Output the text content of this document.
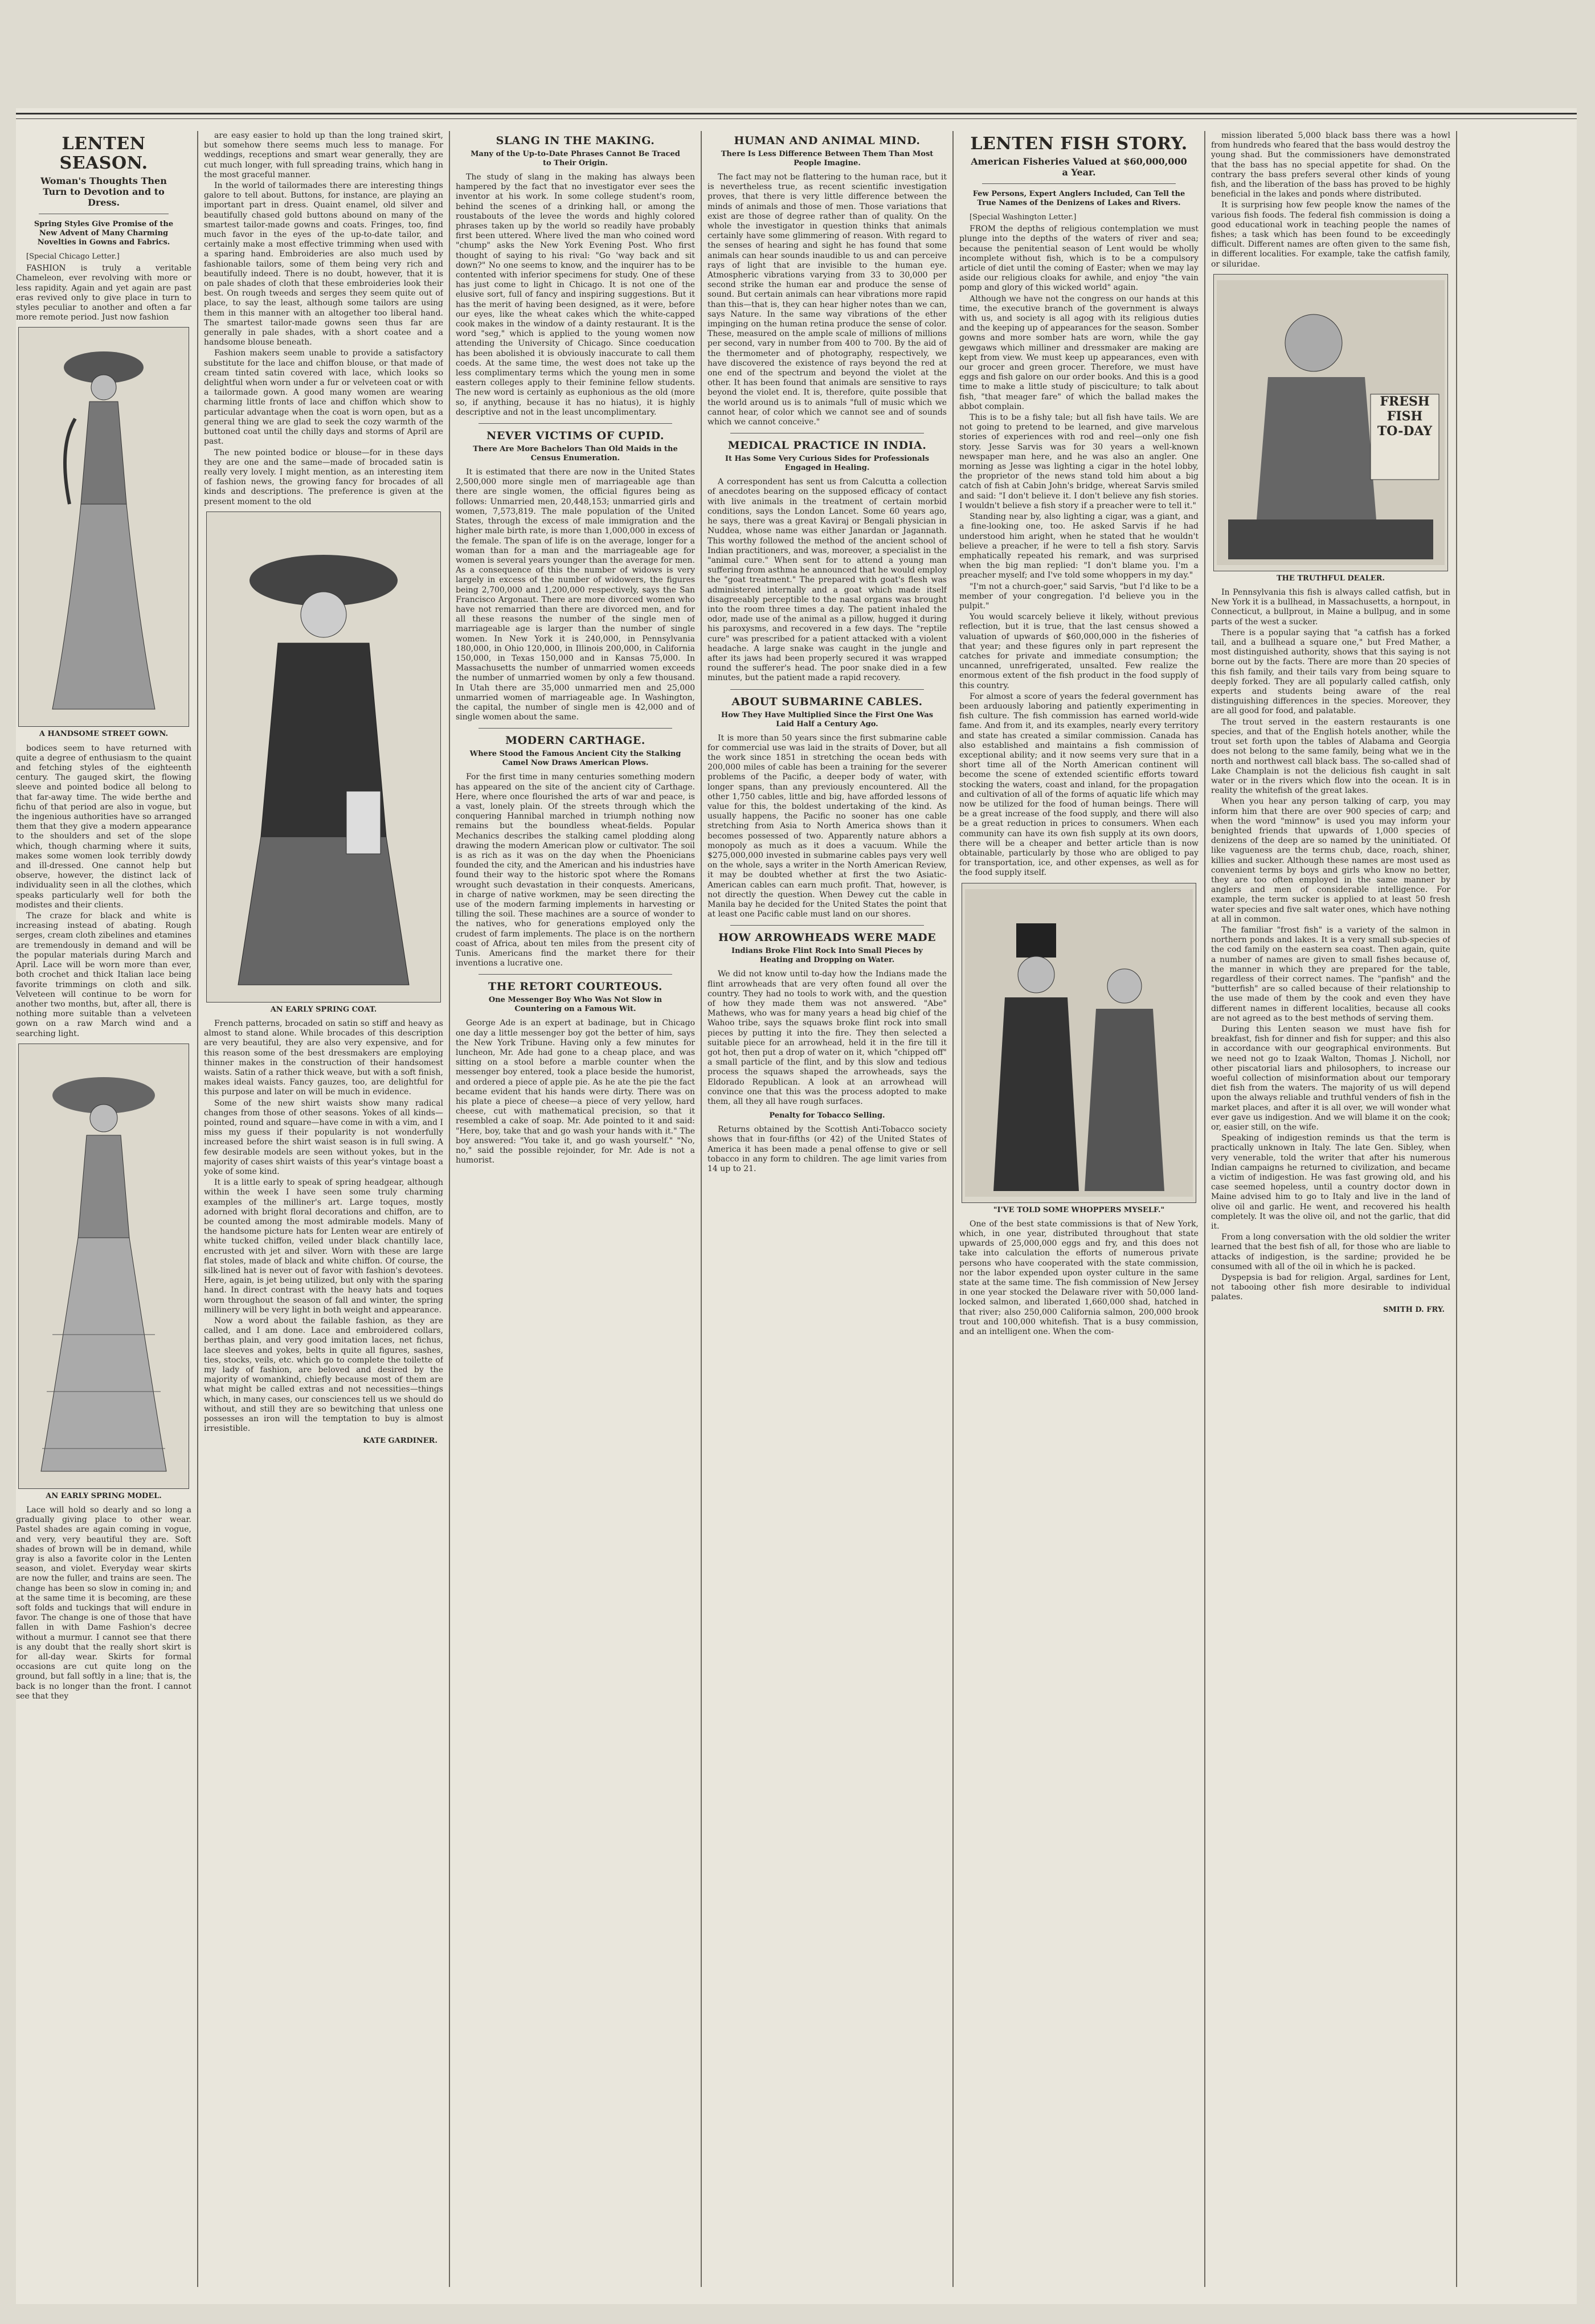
LENTEN SEASON.
Woman's Thoughts Then Turn to Devotion and to Dress.
Spring Styles Give Promise of the New Advent of Many Charming Novelties in Gowns and Fabrics.
[Special Chicago Letter.]

FASHION is truly a veritable Chameleon, ever revolving with more or less rapidity. Again and yet again are past eras revived only to give place in turn to styles peculiar to another and often a far more remote period. Just now fashion

A HANDSOME STREET GOWN.

bodices seem to have returned with quite a degree of enthusiasm to the quaint and fetching styles of the eighteenth century. The gauged skirt, the flowing sleeve and pointed bodice all belong to that far-away time. The wide berthe and fichu of that period are also in vogue, but the ingenious authorities have so arranged them that they give a modern appearance to the shoulders and set of the slope which, though charming where it suits, makes some women look terribly dowdy and ill-dressed. One cannot help but observe, however, the distinct lack of individuality seen in all the clothes, which speaks particularly well for both the modistes and their clients.

The craze for black and white is increasing instead of abating. Rough serges, cream cloth zibelines and etamines are tremendously in demand and will be the popular materials during March and April. Lace will be worn more than ever, both crochet and thick Italian lace being favorite trimmings on cloth and silk. Velveteen will continue to be worn for another two months, but, after all, there is nothing more suitable than a velveteen gown on a raw March wind and a searching light.

AN EARLY SPRING MODEL.

Lace will hold so dearly and so long a gradually giving place to other wear. Pastel shades are again coming in vogue, and very, very beautiful they are. Soft shades of brown will be in demand, while gray is also a favorite color in the Lenten season, and violet. Everyday wear skirts are now the fuller, and trains are seen. The change has been so slow in coming in; and at the same time it is becoming, are these soft folds and tuckings that will endure in favor. The change is one of those that have fallen in with Dame Fashion's decree without a murmur. I cannot see that there is any doubt that the really short skirt is for all-day wear. Skirts for formal occasions are cut quite long on the ground, but fall softly in a line; that is, the back is no longer than the front. I cannot see that they

are easy easier to hold up than the long trained skirt, but somehow there seems much less to manage. For weddings, receptions and smart wear generally, they are cut much longer, with full spreading trains, which hang in the most graceful manner.

In the world of tailormades there are interesting things galore to tell about. Buttons, for instance, are playing an important part in dress. Quaint enamel, old silver and beautifully chased gold buttons abound on many of the smartest tailor-made gowns and coats. Fringes, too, find much favor in the eyes of the up-to-date tailor, and certainly make a most effective trimming when used with a sparing hand. Embroideries are also much used by fashionable tailors, some of them being very rich and beautifully indeed. There is no doubt, however, that it is on pale shades of cloth that these embroideries look their best. On rough tweeds and serges they seem quite out of place, to say the least, although some tailors are using them in this manner with an altogether too liberal hand. The smartest tailor-made gowns seen thus far are generally in pale shades, with a short coatee and a handsome blouse beneath.

Fashion makers seem unable to provide a satisfactory substitute for the lace and chiffon blouse, or that made of cream tinted satin covered with lace, which looks so delightful when worn under a fur or velveteen coat or with a tailormade gown. A good many women are wearing charming little fronts of lace and chiffon which show to particular advantage when the coat is worn open, but as a general thing we are glad to seek the cozy warmth of the buttoned coat until the chilly days and storms of April are past.

The new pointed bodice or blouse—for in these days they are one and the same—made of brocaded satin is really very lovely. I might mention, as an interesting item of fashion news, the growing fancy for brocades of all kinds and descriptions. The preference is given at the present moment to the old

AN EARLY SPRING COAT.

French patterns, brocaded on satin so stiff and heavy as almost to stand alone. While brocades of this description are very beautiful, they are also very expensive, and for this reason some of the best dressmakers are employing thinner makes in the construction of their handsomest waists. Satin of a rather thick weave, but with a soft finish, makes ideal waists. Fancy gauzes, too, are delightful for this purpose and later on will be much in evidence.

Some of the new shirt waists show many radical changes from those of other seasons. Yokes of all kinds—pointed, round and square—have come in with a vim, and I miss my guess if their popularity is not wonderfully increased before the shirt waist season is in full swing. A few desirable models are seen without yokes, but in the majority of cases shirt waists of this year's vintage boast a yoke of some kind.

It is a little early to speak of spring headgear, although within the week I have seen some truly charming examples of the milliner's art. Large toques, mostly adorned with bright floral decorations and chiffon, are to be counted among the most admirable models. Many of the handsome picture hats for Lenten wear are entirely of white tucked chiffon, veiled under black chantilly lace, encrusted with jet and silver. Worn with these are large flat stoles, made of black and white chiffon. Of course, the silk-lined hat is never out of favor with fashion's devotees. Here, again, is jet being utilized, but only with the sparing hand. In direct contrast with the heavy hats and toques worn throughout the season of fall and winter, the spring millinery will be very light in both weight and appearance.

Now a word about the failable fashion, as they are called, and I am done. Lace and embroidered collars, berthas plain, and very good imitation laces, net fichus, lace sleeves and yokes, belts in quite all figures, sashes, ties, stocks, veils, etc. which go to complete the toilette of my lady of fashion, are beloved and desired by the majority of womankind, chiefly because most of them are what might be called extras and not necessities—things which, in many cases, our consciences tell us we should do without, and still they are so bewitching that unless one possesses an iron will the temptation to buy is almost irresistible.

KATE GARDINER.
SLANG IN THE MAKING.
Many of the Up-to-Date Phrases Cannot Be Traced to Their Origin.

The study of slang in the making has always been hampered by the fact that no investigator ever sees the inventor at his work. In some college student's room, behind the scenes of a drinking hall, or among the roustabouts of the levee the words and highly colored phrases taken up by the world so readily have probably first been uttered. Where lived the man who coined word "chump" asks the New York Evening Post. Who first thought of saying to his rival: "Go 'way back and sit down?" No one seems to know, and the inquirer has to be contented with inferior specimens for study. One of these has just come to light in Chicago. It is not one of the elusive sort, full of fancy and inspiring suggestions. But it has the merit of having been designed, as it were, before our eyes, like the wheat cakes which the white-capped cook makes in the window of a dainty restaurant. It is the word "seg," which is applied to the young women now attending the University of Chicago. Since coeducation has been abolished it is obviously inaccurate to call them coeds. At the same time, the west does not take up the less complimentary terms which the young men in some eastern colleges apply to their feminine fellow students. The new word is certainly as euphonious as the old (more so, if anything, because it has no hiatus), it is highly descriptive and not in the least uncomplimentary.

NEVER VICTIMS OF CUPID.
There Are More Bachelors Than Old Maids in the Census Enumeration.

It is estimated that there are now in the United States 2,500,000 more single men of marriageable age than there are single women, the official figures being as follows: Unmarried men, 20,448,153; unmarried girls and women, 7,573,819. The male population of the United States, through the excess of male immigration and the higher male birth rate, is more than 1,000,000 in excess of the female. The span of life is on the average, longer for a woman than for a man and the marriageable age for women is several years younger than the average for men. As a consequence of this the number of widows is very largely in excess of the number of widowers, the figures being 2,700,000 and 1,200,000 respectively, says the San Francisco Argonaut. There are more divorced women who have not remarried than there are divorced men, and for all these reasons the number of the single men of marriageable age is larger than the number of single women. In New York it is 240,000, in Pennsylvania 180,000, in Ohio 120,000, in Illinois 200,000, in California 150,000, in Texas 150,000 and in Kansas 75,000. In Massachusetts the number of unmarried women exceeds the number of unmarried women by only a few thousand. In Utah there are 35,000 unmarried men and 25,000 unmarried women of marriageable age. In Washington, the capital, the number of single men is 42,000 and of single women about the same.

MODERN CARTHAGE.
Where Stood the Famous Ancient City the Stalking Camel Now Draws American Plows.

For the first time in many centuries something modern has appeared on the site of the ancient city of Carthage. Here, where once flourished the arts of war and peace, is a vast, lonely plain. Of the streets through which the conquering Hannibal marched in triumph nothing now remains but the boundless wheat-fields. Popular Mechanics describes the stalking camel plodding along drawing the modern American plow or cultivator. The soil is as rich as it was on the day when the Phoenicians founded the city, and the American and his industries have found their way to the historic spot where the Romans wrought such devastation in their conquests. Americans, in charge of native workmen, may be seen directing the use of the modern farming implements in harvesting or tilling the soil. These machines are a source of wonder to the natives, who for generations employed only the crudest of farm implements. The place is on the northern coast of Africa, about ten miles from the present city of Tunis. Americans find the market there for their inventions a lucrative one.

THE RETORT COURTEOUS.
One Messenger Boy Who Was Not Slow in Countering on a Famous Wit.

George Ade is an expert at badinage, but in Chicago one day a little messenger boy got the better of him, says the New York Tribune. Having only a few minutes for luncheon, Mr. Ade had gone to a cheap place, and was sitting on a stool before a marble counter when the messenger boy entered, took a place beside the humorist, and ordered a piece of apple pie. As he ate the pie the fact became evident that his hands were dirty. There was on his plate a piece of cheese—a piece of very yellow, hard cheese, cut with mathematical precision, so that it resembled a cake of soap. Mr. Ade pointed to it and said: "Here, boy, take that and go wash your hands with it." The boy answered: "You take it, and go wash yourself." "No, no," said the possible rejoinder, for Mr. Ade is not a humorist.

HUMAN AND ANIMAL MIND.
There Is Less Difference Between Them Than Most People Imagine.

The fact may not be flattering to the human race, but it is nevertheless true, as recent scientific investigation proves, that there is very little difference between the minds of animals and those of men. Those variations that exist are those of degree rather than of quality. On the whole the investigator in question thinks that animals certainly have some glimmering of reason. With regard to the senses of hearing and sight he has found that some animals can hear sounds inaudible to us and can perceive rays of light that are invisible to the human eye. Atmospheric vibrations varying from 33 to 30,000 per second strike the human ear and produce the sense of sound. But certain animals can hear vibrations more rapid than this—that is, they can hear higher notes than we can, says Nature. In the same way vibrations of the ether impinging on the human retina produce the sense of color. These, measured on the ample scale of millions of millions per second, vary in number from 400 to 700. By the aid of the thermometer and of photography, respectively, we have discovered the existence of rays beyond the red at one end of the spectrum and beyond the violet at the other. It has been found that animals are sensitive to rays beyond the violet end. It is, therefore, quite possible that the world around us is to animals "full of music which we cannot hear, of color which we cannot see and of sounds which we cannot conceive."

MEDICAL PRACTICE IN INDIA.
It Has Some Very Curious Sides for Professionals Engaged in Healing.

A correspondent has sent us from Calcutta a collection of anecdotes bearing on the supposed efficacy of contact with live animals in the treatment of certain morbid conditions, says the London Lancet. Some 60 years ago, he says, there was a great Kaviraj or Bengali physician in Nuddea, whose name was either Janardan or Jagannath. This worthy followed the method of the ancient school of Indian practitioners, and was, moreover, a specialist in the "animal cure." When sent for to attend a young man suffering from asthma he announced that he would employ the "goat treatment." The prepared with goat's flesh was administered internally and a goat which made itself disagreeably perceptible to the nasal organs was brought into the room three times a day. The patient inhaled the odor, made use of the animal as a pillow, hugged it during his paroxysms, and recovered in a few days. The "reptile cure" was prescribed for a patient attacked with a violent headache. A large snake was caught in the jungle and after its jaws had been properly secured it was wrapped round the sufferer's head. The poor snake died in a few minutes, but the patient made a rapid recovery.

ABOUT SUBMARINE CABLES.
How They Have Multiplied Since the First One Was Laid Half a Century Ago.

It is more than 50 years since the first submarine cable for commercial use was laid in the straits of Dover, but all the work since 1851 in stretching the ocean beds with 200,000 miles of cable has been a training for the severer problems of the Pacific, a deeper body of water, with longer spans, than any previously encountered. All the other 1,750 cables, little and big, have afforded lessons of value for this, the boldest undertaking of the kind. As usually happens, the Pacific no sooner has one cable stretching from Asia to North America shows than it becomes possessed of two. Apparently nature abhors a monopoly as much as it does a vacuum. While the $275,000,000 invested in submarine cables pays very well on the whole, says a writer in the North American Review, it may be doubted whether at first the two Asiatic-American cables can earn much profit. That, however, is not directly the question. When Dewey cut the cable in Manila bay he decided for the United States the point that at least one Pacific cable must land on our shores.

HOW ARROWHEADS WERE MADE
Indians Broke Flint Rock Into Small Pieces by Heating and Dropping on Water.

We did not know until to-day how the Indians made the flint arrowheads that are very often found all over the country. They had no tools to work with, and the question of how they made them was not answered. "Abe" Mathews, who was for many years a head big chief of the Wahoo tribe, says the squaws broke flint rock into small pieces by putting it into the fire. They then selected a suitable piece for an arrowhead, held it in the fire till it got hot, then put a drop of water on it, which "chipped off" a small particle of the flint, and by this slow and tedious process the squaws shaped the arrowheads, says the Eldorado Republican. A look at an arrowhead will convince one that this was the process adopted to make them, all they all have rough surfaces.

Penalty for Tobacco Selling.

Returns obtained by the Scottish Anti-Tobacco society shows that in four-fifths (or 42) of the United States of America it has been made a penal offense to give or sell tobacco in any form to children. The age limit varies from 14 up to 21.

LENTEN FISH STORY.
American Fisheries Valued at $60,000,000 a Year.
Few Persons, Expert Anglers Included, Can Tell the True Names of the Denizens of Lakes and Rivers.
[Special Washington Letter.]

FROM the depths of religious contemplation we must plunge into the depths of the waters of river and sea; because the penitential season of Lent would be wholly incomplete without fish, which is to be a compulsory article of diet until the coming of Easter; when we may lay aside our religious cloaks for awhile, and enjoy "the vain pomp and glory of this wicked world" again.

Although we have not the congress on our hands at this time, the executive branch of the government is always with us, and society is all agog with its religious duties and the keeping up of appearances for the season. Somber gowns and more somber hats are worn, while the gay gewgaws which milliner and dressmaker are making are kept from view. We must keep up appearances, even with our grocer and green grocer. Therefore, we must have eggs and fish galore on our order books. And this is a good time to make a little study of pisciculture; to talk about fish, "that meager fare" of which the ballad makes the abbot complain.

This is to be a fishy tale; but all fish have tails. We are not going to pretend to be learned, and give marvelous stories of experiences with rod and reel—only one fish story. Jesse Sarvis was for 30 years a well-known newspaper man here, and he was also an angler. One morning as Jesse was lighting a cigar in the hotel lobby, the proprietor of the news stand told him about a big catch of fish at Cabin John's bridge, whereat Sarvis smiled and said: "I don't believe it. I don't believe any fish stories. I wouldn't believe a fish story if a preacher were to tell it."

Standing near by, also lighting a cigar, was a giant, and a fine-looking one, too. He asked Sarvis if he had understood him aright, when he stated that he wouldn't believe a preacher, if he were to tell a fish story. Sarvis emphatically repeated his remark, and was surprised when the big man replied: "I don't blame you. I'm a preacher myself; and I've told some whoppers in my day."

"I'm not a church-goer," said Sarvis, "but I'd like to be a member of your congregation. I'd believe you in the pulpit."

You would scarcely believe it likely, without previous reflection, but it is true, that the last census showed a valuation of upwards of $60,000,000 in the fisheries of that year; and these figures only in part represent the catches for private and immediate consumption; the uncanned, unrefrigerated, unsalted. Few realize the enormous extent of the fish product in the food supply of this country.

For almost a score of years the federal government has been arduously laboring and patiently experimenting in fish culture. The fish commission has earned world-wide fame. And from it, and its examples, nearly every territory and state has created a similar commission. Canada has also established and maintains a fish commission of exceptional ability; and it now seems very sure that in a short time all of the North American continent will become the scene of extended scientific efforts toward stocking the waters, coast and inland, for the propagation and cultivation of all of the forms of aquatic life which may now be utilized for the food of human beings. There will be a great increase of the food supply, and there will also be a great reduction in prices to consumers. When each community can have its own fish supply at its own doors, there will be a cheaper and better article than is now obtainable, particularly by those who are obliged to pay for transportation, ice, and other expenses, as well as for the food supply itself.

"I'VE TOLD SOME WHOPPERS MYSELF."

One of the best state commissions is that of New York, which, in one year, distributed throughout that state upwards of 25,000,000 eggs and fry, and this does not take into calculation the efforts of numerous private persons who have cooperated with the state commission, nor the labor expended upon oyster culture in the same state at the same time. The fish commission of New Jersey in one year stocked the Delaware river with 50,000 land-locked salmon, and liberated 1,660,000 shad, hatched in that river; also 250,000 California salmon, 200,000 brook trout and 100,000 whitefish. That is a busy commission, and an intelligent one. When the com-

mission liberated 5,000 black bass there was a howl from hundreds who feared that the bass would destroy the young shad. But the commissioners have demonstrated that the bass has no special appetite for shad. On the contrary the bass prefers several other kinds of young fish, and the liberation of the bass has proved to be highly beneficial in the lakes and ponds where distributed.

It is surprising how few people know the names of the various fish foods. The federal fish commission is doing a good educational work in teaching people the names of fishes; a task which has been found to be exceedingly difficult. Different names are often given to the same fish, in different localities. For example, take the catfish family, or siluridae.

FRESH FISH TO-DAY
THE TRUTHFUL DEALER.

In Pennsylvania this fish is always called catfish, but in New York it is a bullhead, in Massachusetts, a hornpout, in Connecticut, a bullprout, in Maine a bullpug, and in some parts of the west a sucker.

There is a popular saying that "a catfish has a forked tail, and a bullhead a square one," but Fred Mather, a most distinguished authority, shows that this saying is not borne out by the facts. There are more than 20 species of this fish family, and their tails vary from being square to deeply forked. They are all popularly called catfish, only experts and students being aware of the real distinguishing differences in the species. Moreover, they are all good for food, and palatable.

The trout served in the eastern restaurants is one species, and that of the English hotels another, while the trout set forth upon the tables of Alabama and Georgia does not belong to the same family, being what we in the north and northwest call black bass. The so-called shad of Lake Champlain is not the delicious fish caught in salt water or in the rivers which flow into the ocean. It is in reality the whitefish of the great lakes.

When you hear any person talking of carp, you may inform him that there are over 900 species of carp; and when the word "minnow" is used you may inform your benighted friends that upwards of 1,000 species of denizens of the deep are so named by the uninitiated. Of like vagueness are the terms chub, dace, roach, shiner, killies and sucker. Although these names are most used as convenient terms by boys and girls who know no better, they are too often employed in the same manner by anglers and men of considerable intelligence. For example, the term sucker is applied to at least 50 fresh water species and five salt water ones, which have nothing at all in common.

The familiar "frost fish" is a variety of the salmon in northern ponds and lakes. It is a very small sub-species of the cod family on the eastern sea coast. Then again, quite a number of names are given to small fishes because of, the manner in which they are prepared for the table, regardless of their correct names. The "panfish" and the "butterfish" are so called because of their relationship to the use made of them by the cook and even they have different names in different localities, because all cooks are not agreed as to the best methods of serving them.

During this Lenten season we must have fish for breakfast, fish for dinner and fish for supper; and this also in accordance with our geographical environments. But we need not go to Izaak Walton, Thomas J. Nicholl, nor other piscatorial liars and philosophers, to increase our woeful collection of misinformation about our temporary diet fish from the waters. The majority of us will depend upon the always reliable and truthful venders of fish in the market places, and after it is all over, we will wonder what ever gave us indigestion. And we will blame it on the cook; or, easier still, on the wife.

Speaking of indigestion reminds us that the term is practically unknown in Italy. The late Gen. Sibley, when very venerable, told the writer that after his numerous Indian campaigns he returned to civilization, and became a victim of indigestion. He was fast growing old, and his case seemed hopeless, until a country doctor down in Maine advised him to go to Italy and live in the land of olive oil and garlic. He went, and recovered his health completely. It was the olive oil, and not the garlic, that did it.

From a long conversation with the old soldier the writer learned that the best fish of all, for those who are liable to attacks of indigestion, is the sardine; provided he be consumed with all of the oil in which he is packed.

Dyspepsia is bad for religion. Argal, sardines for Lent, not tabooing other fish more desirable to individual palates.

SMITH D. FRY.
